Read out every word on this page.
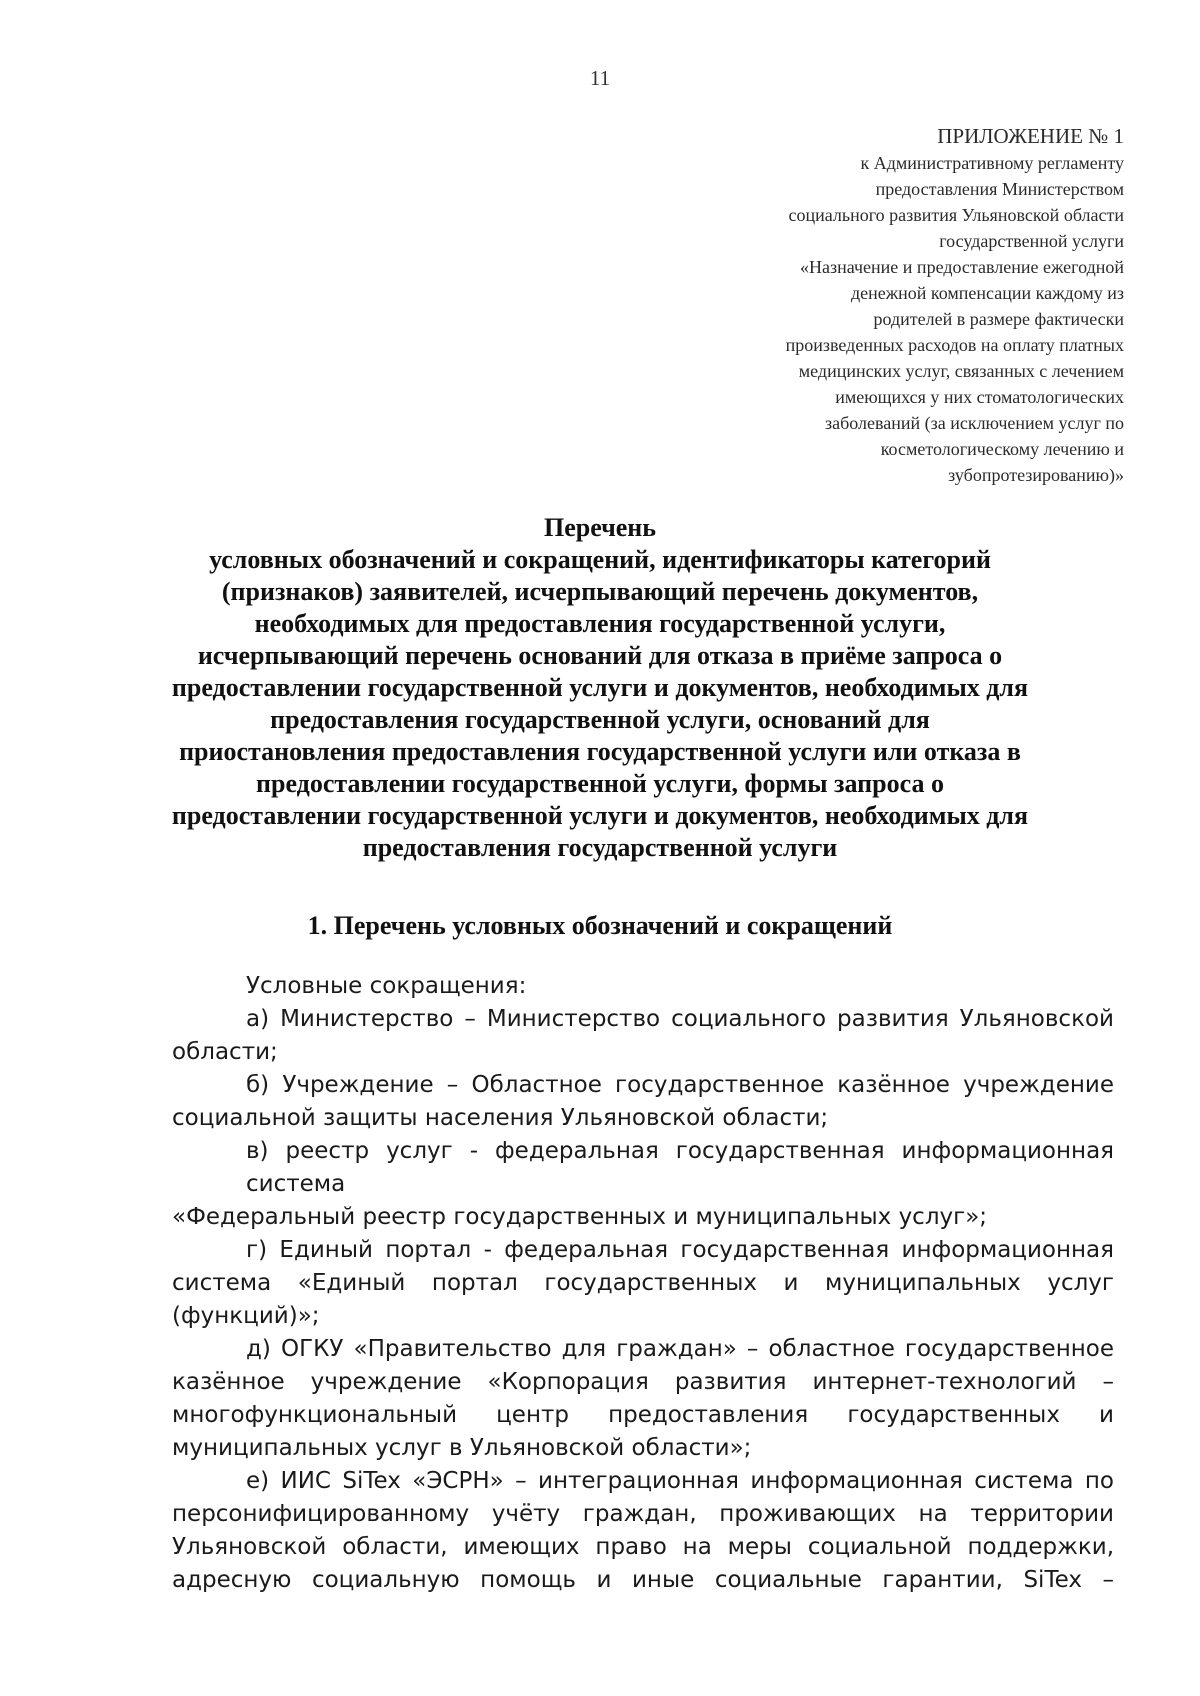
11
ПРИЛОЖЕНИЕ № 1
к Административному регламенту
предоставления Министерством
социального развития Ульяновской области
государственной услуги
«Назначение и предоставление ежегодной
денежной компенсации каждому из
родителей в размере фактически
произведенных расходов на оплату платных
медицинских услуг, связанных с лечением
имеющихся у них стоматологических
заболеваний (за исключением услуг по
косметологическому лечению и
зубопротезированию)»
Перечень
условных обозначений и сокращений, идентификаторы категорий
(признаков) заявителей, исчерпывающий перечень документов,
необходимых для предоставления государственной услуги,
исчерпывающий перечень оснований для отказа в приёме запроса о
предоставлении государственной услуги и документов, необходимых для
предоставления государственной услуги, оснований для
приостановления предоставления государственной услуги или отказа в
предоставлении государственной услуги, формы запроса о
предоставлении государственной услуги и документов, необходимых для
предоставления государственной услуги
1. Перечень условных обозначений и сокращений
Условные сокращения:
а) Министерство – Министерство социального развития Ульяновской
области;
б) Учреждение – Областное государственное казённое учреждение
социальной защиты населения Ульяновской области;
в) реестр услуг - федеральная государственная информационная система
«Федеральный реестр государственных и муниципальных услуг»;
г) Единый портал - федеральная государственная информационная
система «Единый портал государственных и муниципальных услуг
(функций)»;
д) ОГКУ «Правительство для граждан» – областное государственное
казённое учреждение «Корпорация развития интернет-технологий –
многофункциональный центр предоставления государственных и
муниципальных услуг в Ульяновской области»;
е) ИИС SiTex «ЭСРН» – интеграционная информационная система по
персонифицированному учёту граждан, проживающих на территории
Ульяновской области, имеющих право на меры социальной поддержки,
адресную социальную помощь и иные социальные гарантии, SiTex –
